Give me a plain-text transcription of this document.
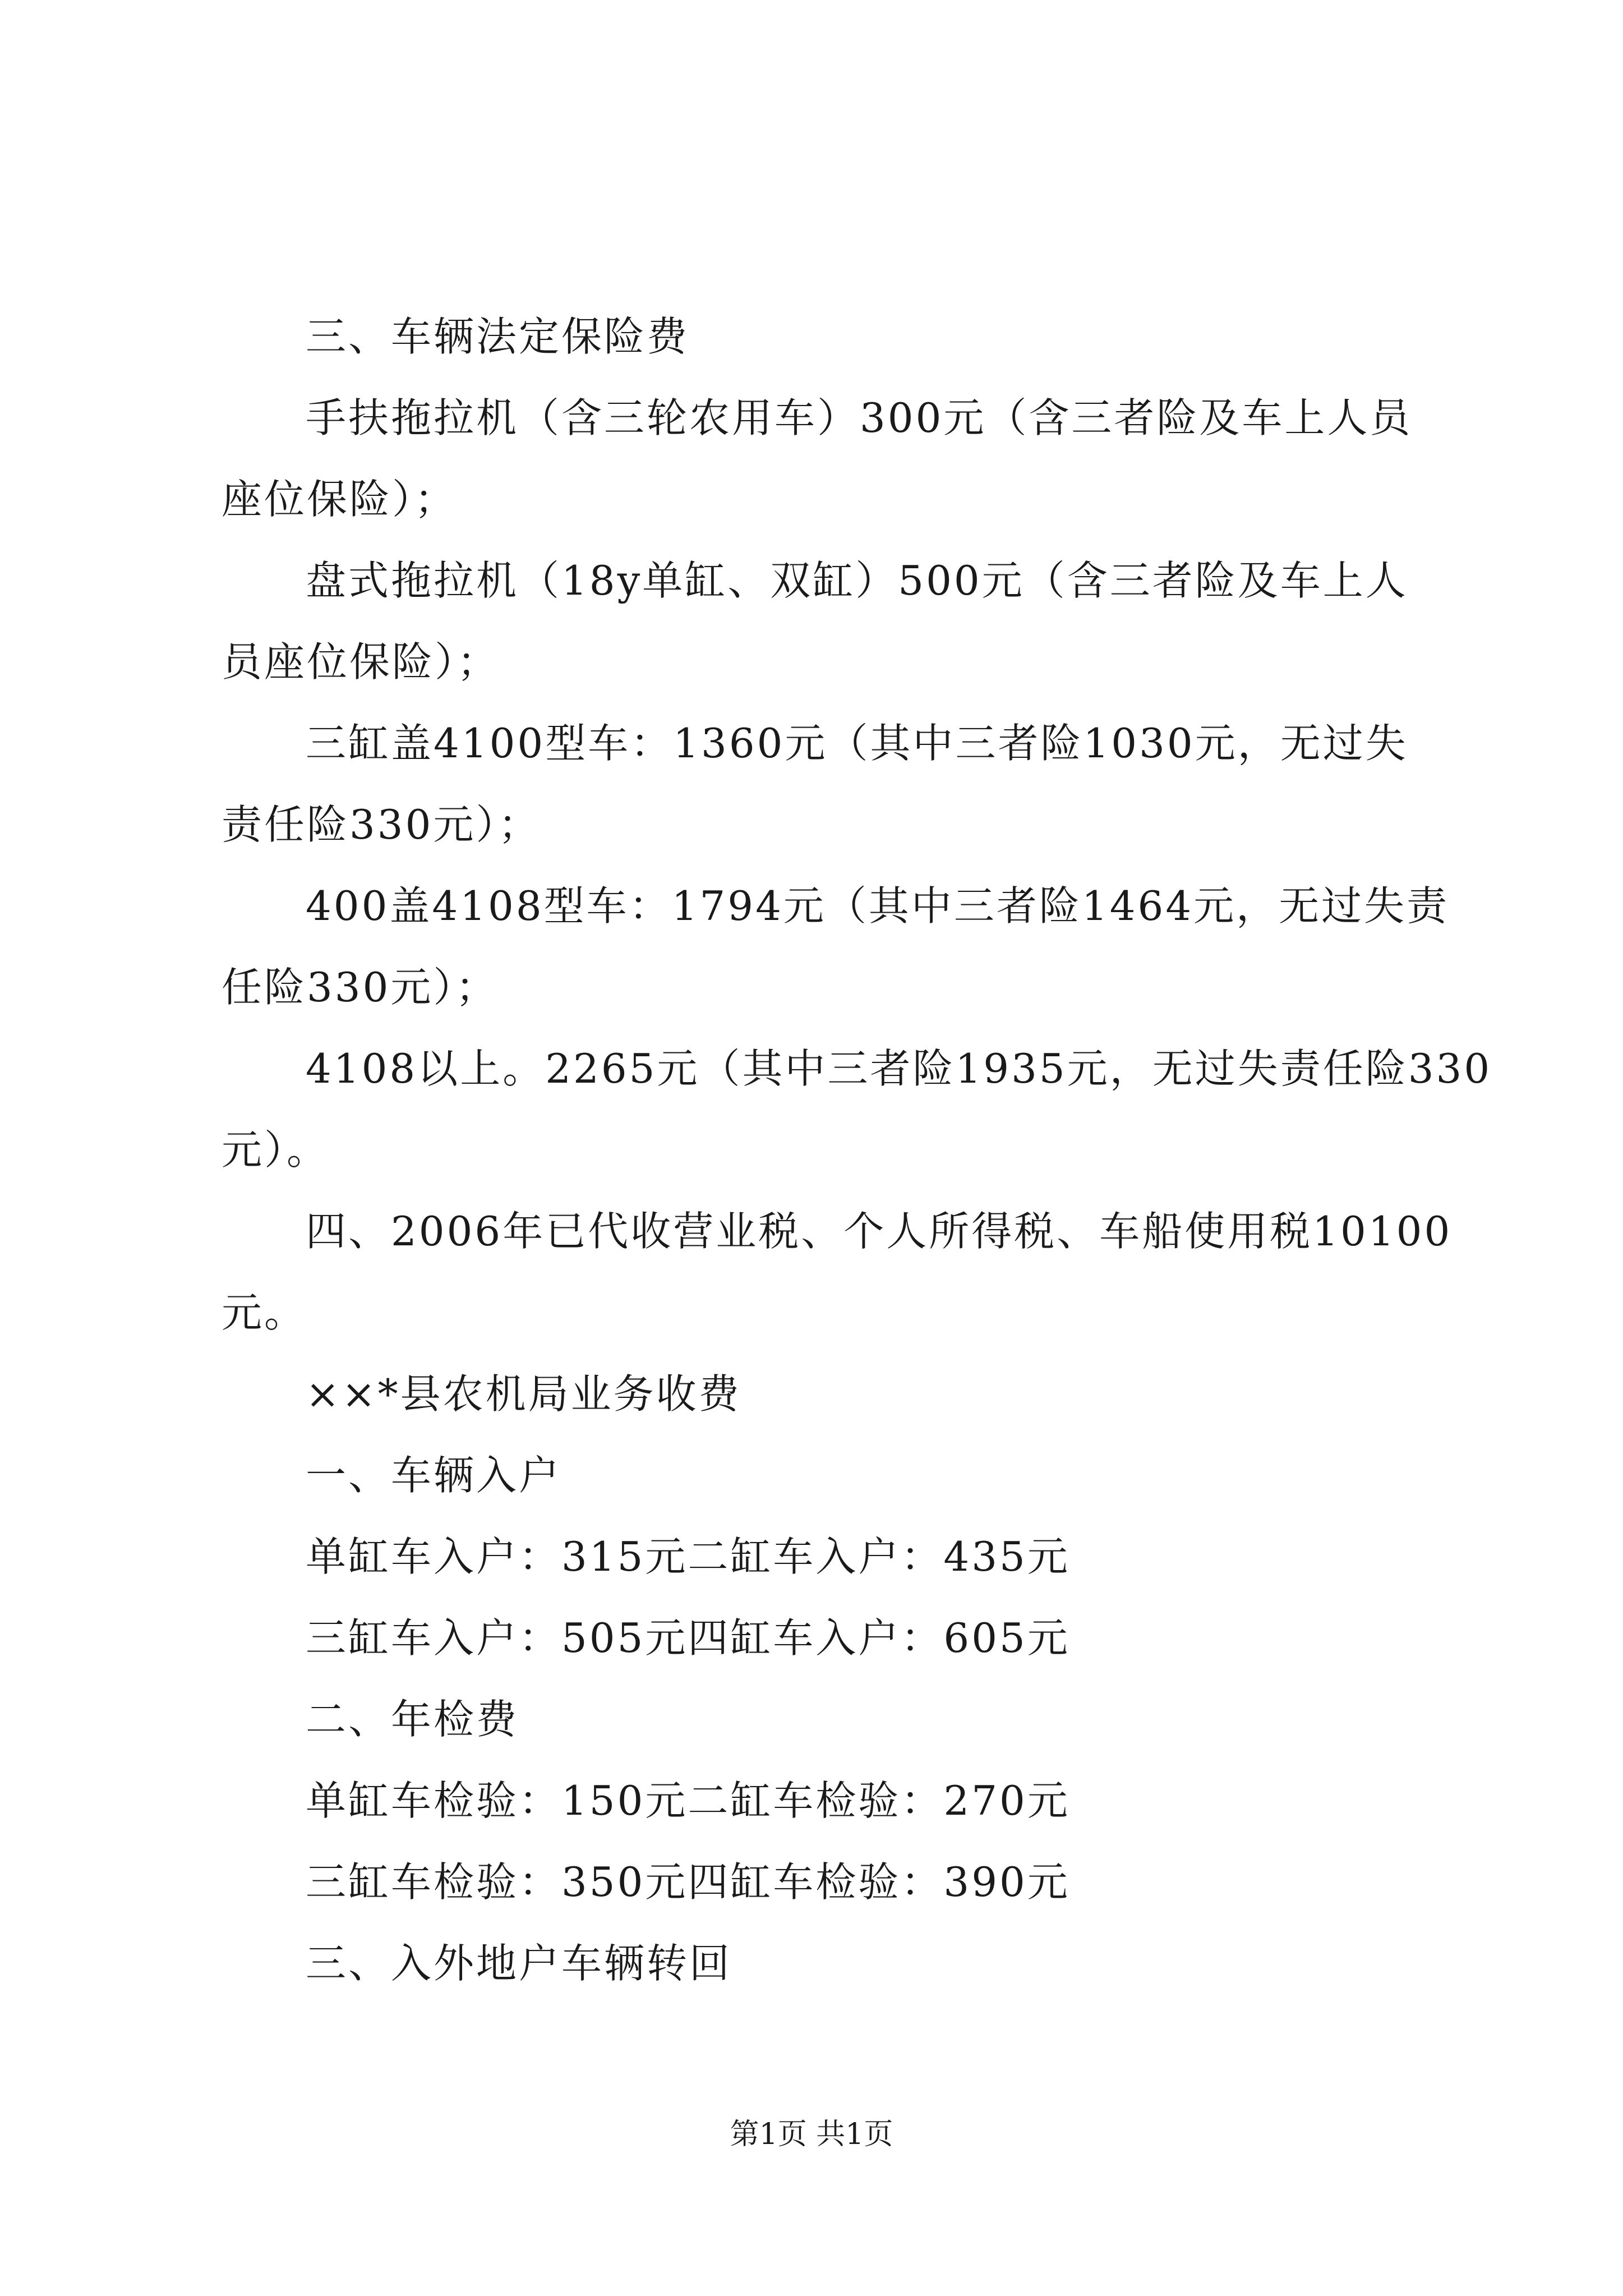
三、车辆法定保险费
手扶拖拉机（含三轮农用车）300元（含三者险及车上人员
座位保险）；
盘式拖拉机（18y单缸、双缸）500元（含三者险及车上人
员座位保险）；
三缸盖4100型车：1360元（其中三者险1030元，无过失
责任险330元）；
400盖4108型车：1794元（其中三者险1464元，无过失责
任险330元）；
4108以上。2265元（其中三者险1935元，无过失责任险330
元）。
四、2006年已代收营业税、个人所得税、车船使用税10100
元。
××*县农机局业务收费
一、车辆入户
单缸车入户：315元二缸车入户：435元
三缸车入户：505元四缸车入户：605元
二、年检费
单缸车检验：150元二缸车检验：270元
三缸车检验：350元四缸车检验：390元
三、入外地户车辆转回
第1页 共1页
